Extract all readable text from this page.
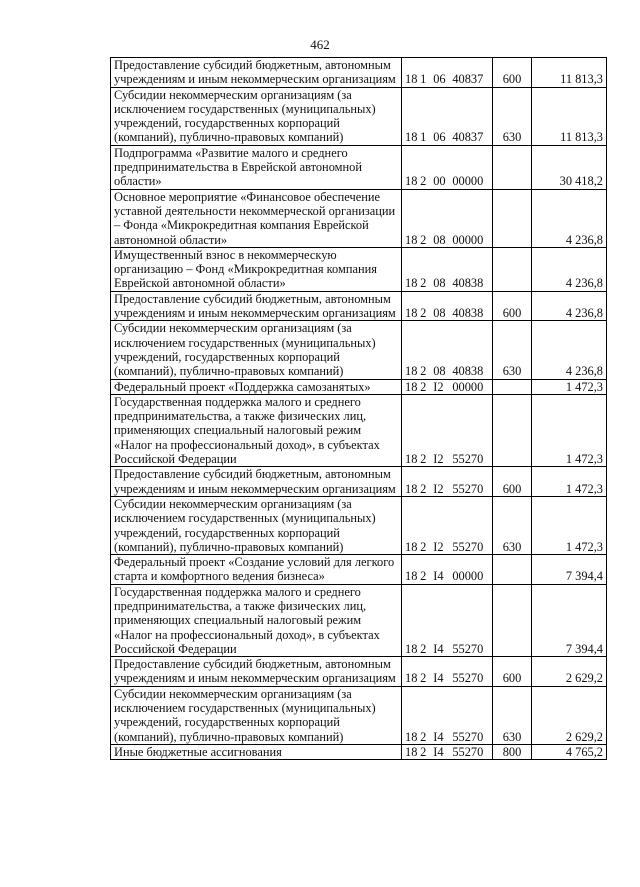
462
Предоставление субсидий бюджетным, автономным учреждениям и иным некоммерческим организациям	18 1 06 40837	600	11 813,3
Субсидии некоммерческим организациям (за исключением государственных (муниципальных) учреждений, государственных корпораций (компаний), публично-правовых компаний)	18 1 06 40837	630	11 813,3
Подпрограмма «Развитие малого и среднего предпринимательства в Еврейской автономной области»	18 2 00 00000		30 418,2
Основное мероприятие «Финансовое обеспечение уставной деятельности некоммерческой организации – Фонда «Микрокредитная компания Еврейской автономной области»	18 2 08 00000		4 236,8
Имущественный взнос в некоммерческую организацию – Фонд «Микрокредитная компания Еврейской автономной области»	18 2 08 40838		4 236,8
Предоставление субсидий бюджетным, автономным учреждениям и иным некоммерческим организациям	18 2 08 40838	600	4 236,8
Субсидии некоммерческим организациям (за исключением государственных (муниципальных) учреждений, государственных корпораций (компаний), публично-правовых компаний)	18 2 08 40838	630	4 236,8
Федеральный проект «Поддержка самозанятых»	18 2 I2 00000		1 472,3
Государственная поддержка малого и среднего предпринимательства, а также физических лиц, применяющих специальный налоговый режим «Налог на профессиональный доход», в субъектах Российской Федерации	18 2 I2 55270		1 472,3
Предоставление субсидий бюджетным, автономным учреждениям и иным некоммерческим организациям	18 2 I2 55270	600	1 472,3
Субсидии некоммерческим организациям (за исключением государственных (муниципальных) учреждений, государственных корпораций (компаний), публично-правовых компаний)	18 2 I2 55270	630	1 472,3
Федеральный проект «Создание условий для легкого старта и комфортного ведения бизнеса»	18 2 I4 00000		7 394,4
Государственная поддержка малого и среднего предпринимательства, а также физических лиц, применяющих специальный налоговый режим «Налог на профессиональный доход», в субъектах Российской Федерации	18 2 I4 55270		7 394,4
Предоставление субсидий бюджетным, автономным учреждениям и иным некоммерческим организациям	18 2 I4 55270	600	2 629,2
Субсидии некоммерческим организациям (за исключением государственных (муниципальных) учреждений, государственных корпораций (компаний), публично-правовых компаний)	18 2 I4 55270	630	2 629,2
Иные бюджетные ассигнования	18 2 I4 55270	800	4 765,2
